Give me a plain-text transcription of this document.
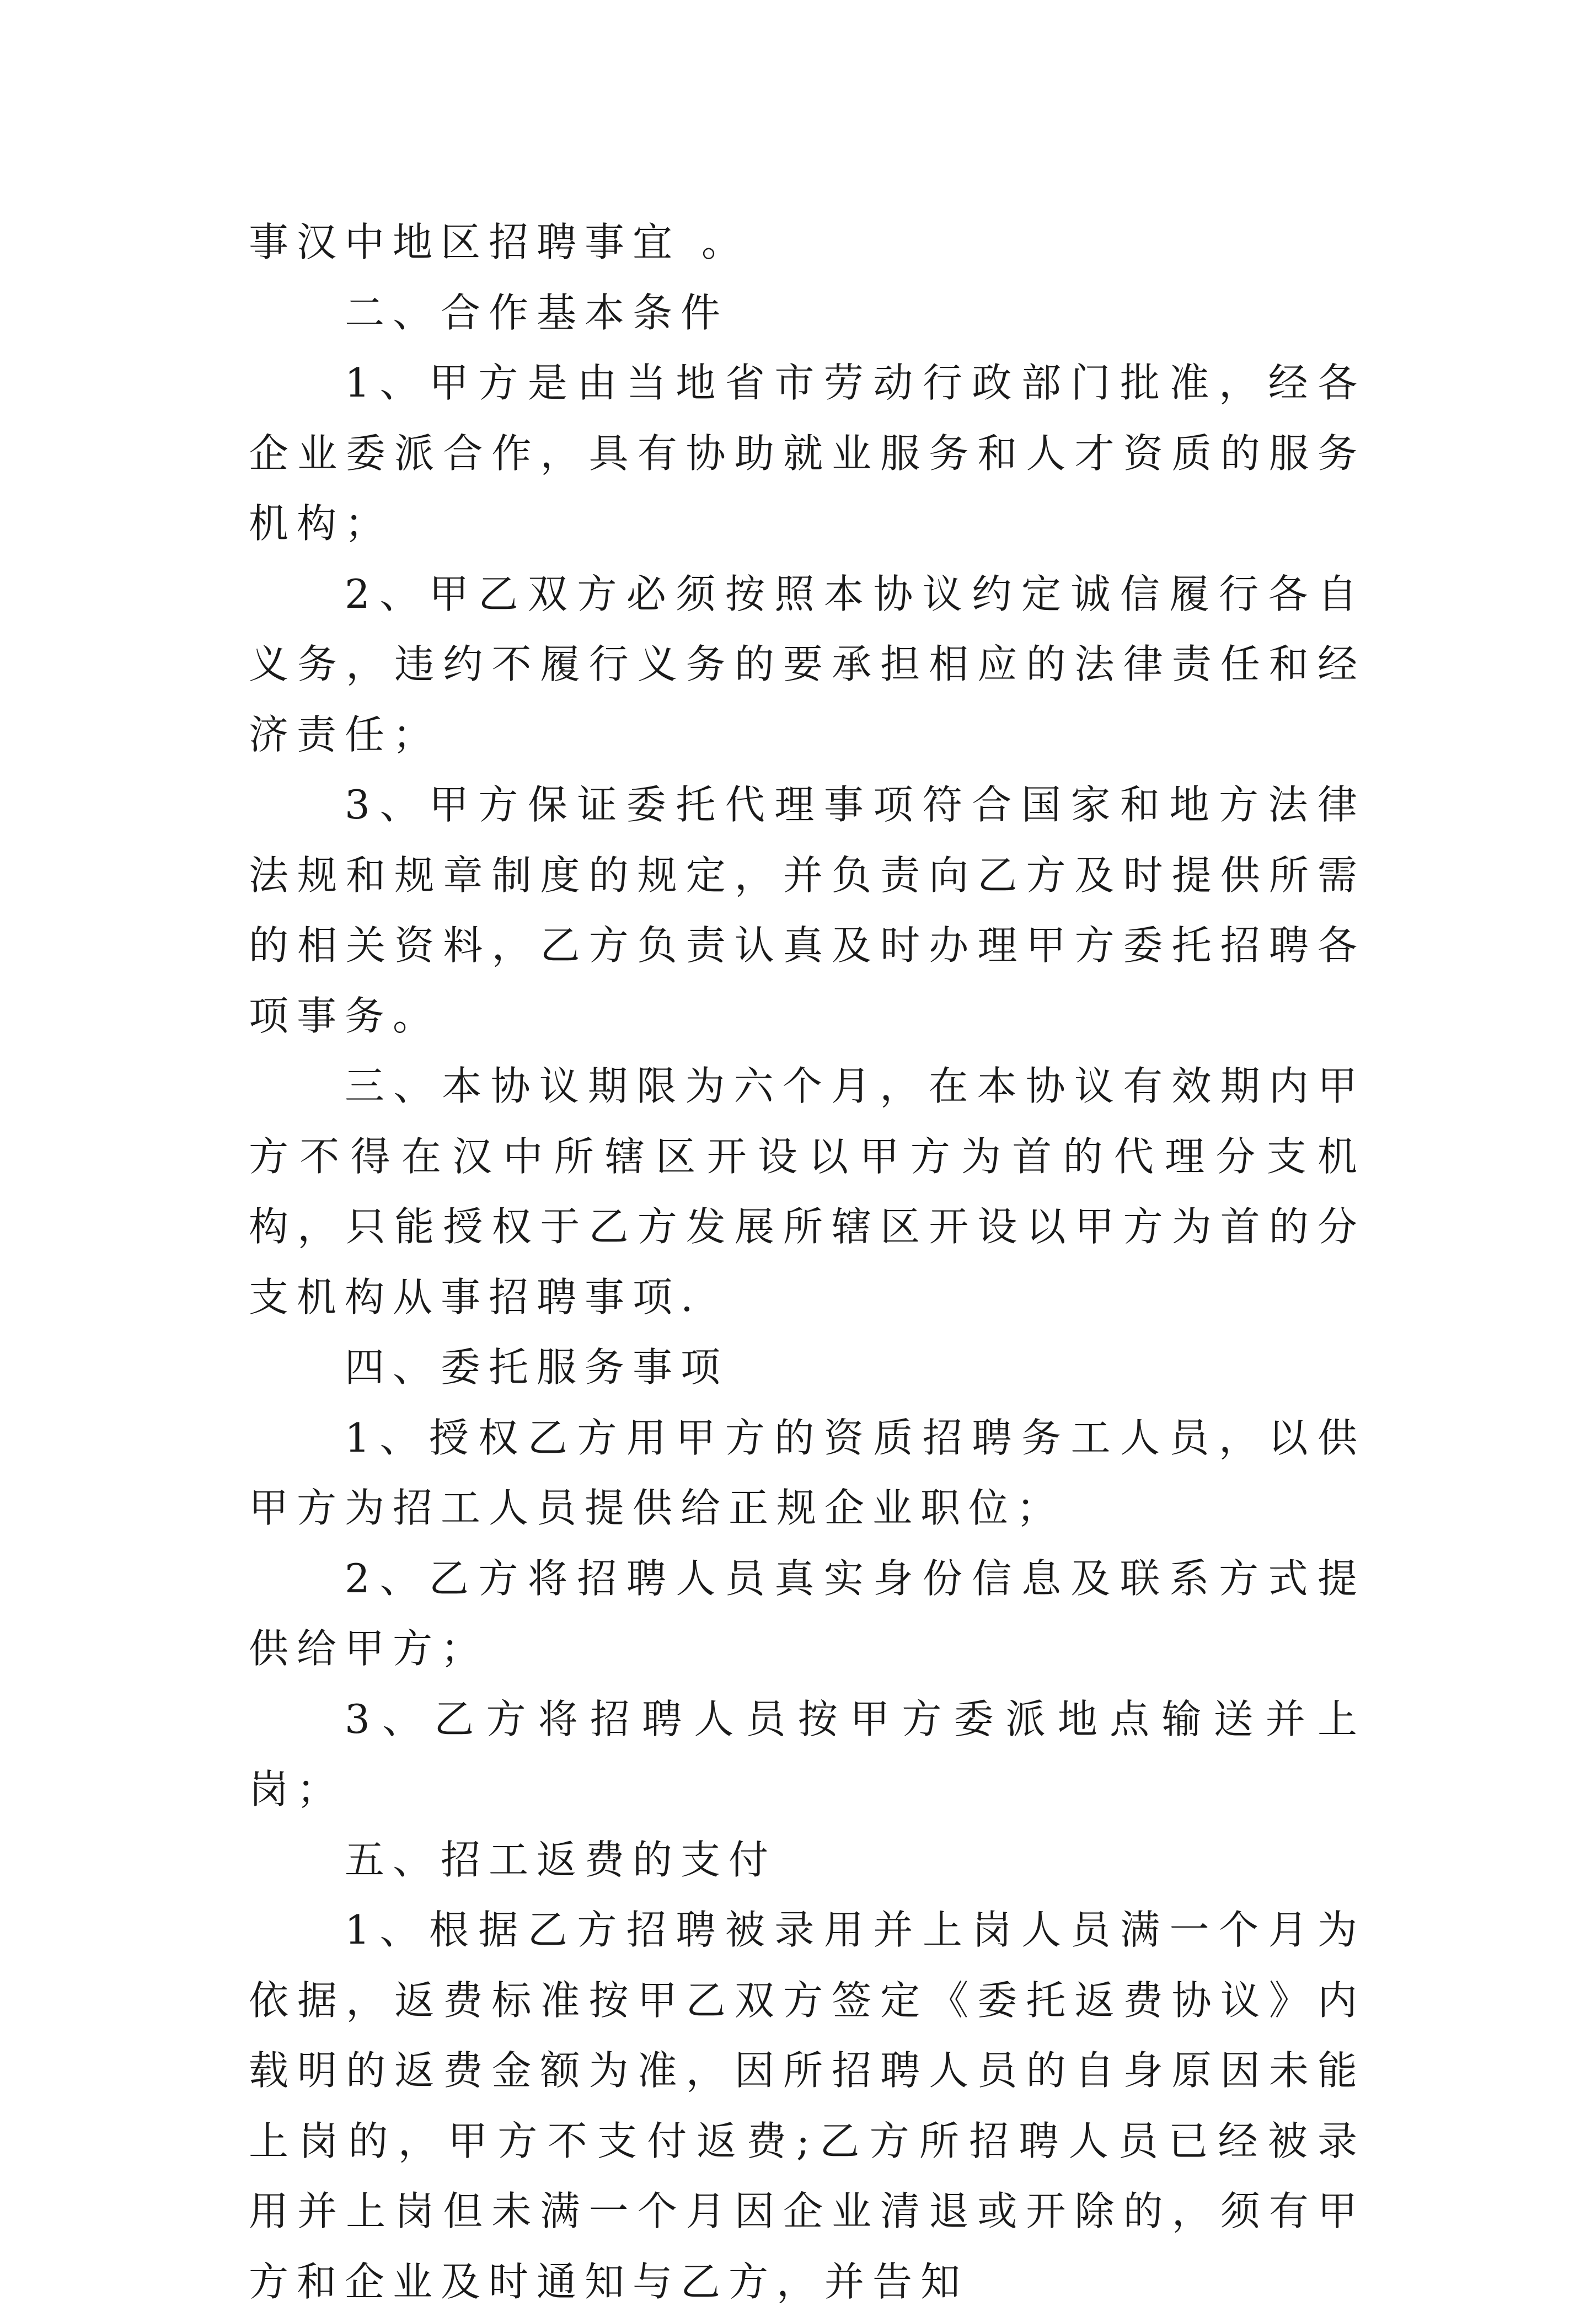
事汉中地区招聘事宜 。

二、合作基本条件

1、甲方是由当地省市劳动行政部门批准，经各企业委派合作，具有协助就业服务和人才资质的服务机构；

2、甲乙双方必须按照本协议约定诚信履行各自义务，违约不履行义务的要承担相应的法律责任和经济责任；

3、甲方保证委托代理事项符合国家和地方法律法规和规章制度的规定，并负责向乙方及时提供所需的相关资料，乙方负责认真及时办理甲方委托招聘各项事务。

三、本协议期限为六个月，在本协议有效期内甲方不得在汉中所辖区开设以甲方为首的代理分支机构，只能授权于乙方发展所辖区开设以甲方为首的分支机构从事招聘事项.

四、委托服务事项

1、授权乙方用甲方的资质招聘务工人员，以供甲方为招工人员提供给正规企业职位；

2、乙方将招聘人员真实身份信息及联系方式提供给甲方；

3、乙方将招聘人员按甲方委派地点输送并上岗；

五、招工返费的支付

1、根据乙方招聘被录用并上岗人员满一个月为依据，返费标准按甲乙双方签定《委托返费协议》内载明的返费金额为准，因所招聘人员的自身原因未能上岗的，甲方不支付返费;乙方所招聘人员已经被录用并上岗但未满一个月因企业清退或开除的，须有甲方和企业及时通知与乙方，并告知
